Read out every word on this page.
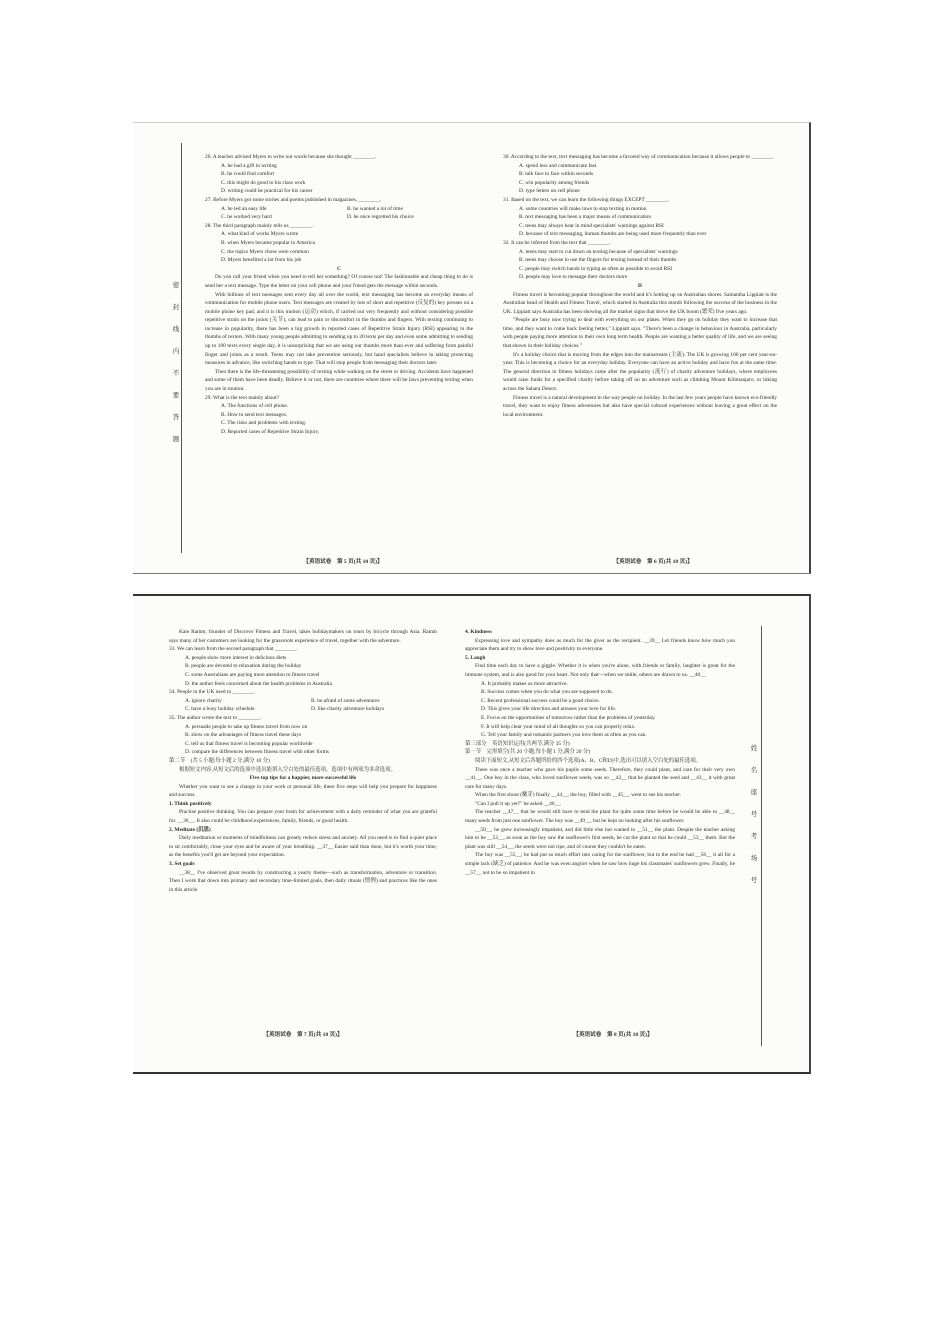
密
封
线
内
不
要
答
题

26. A teacher advised Myers to write out words because she thought ________.

A. he had a gift in writing

B. he could find comfort

C. this might do good to his class work

D. writing could be practical for his career

27. Before Myers got some stories and poems published in magazines, ________.

A. he led an easy life	B. he wanted a lot of time
C. he worked very hard	D. he once regretted his choice

28. The third paragraph mainly tells us ________.

A. what kind of works Myers wrote

B. when Myers became popular in America

C. the topics Myers chose were common

D. Myers benefited a lot from his job

C

Do you call your friend when you need to tell her something? Of course not! The fashionable and cheap thing to do is send her a text message. Type the letter on your cell phone and your friend gets the message within seconds.

With billions of text messages sent every day all over the world, text messaging has become an everyday means of communication for mobile phone users. Text messages are created by lots of short and repetitive (反复的) key presses on a mobile phone key pad, and it is this motion (运动) which, if carried out very frequently and without considering possible repetitive strain on the joints (关节), can lead to pain or discomfort in the thumbs and fingers. With texting continuing to increase in popularity, there has been a big growth in reported cases of Repetitive Strain Injury (RSI) appearing in the thumbs of texters. With many young people admitting to sending up to 20 texts per day and even some admitting to sending up to 100 texts every single day, it is unsurprising that we are using our thumbs more than ever and suffering from painful finger and joints as a result. Teens may not take prevention seriously, but hand specialists believe in taking protecting measures in advance, like switching hands to type. That will stop people from messaging their doctors later.

Then there is the life-threatening possibility of texting while walking on the street or driving. Accidents have happened and some of them have been deadly. Believe it or not, there are countries where there will be laws preventing texting when you are in motion.

29. What is the text mainly about?

A. The functions of cell phone.

B. How to send text messages.

C. The risks and problems with texting.

D. Reported cases of Repetitive Strain Injury.

30. According to the text, text messaging has become a favored way of communication because it allows people to ________.

A. spend less and communicate fast

B. talk face to face within seconds

C. win popularity among friends

D. type letters on cell phone

31. Based on the text, we can learn the following things EXCEPT ________.

A. some countries will make laws to stop texting in motion

B. text messaging has been a major means of communication

C. teens may always hear in mind specialists' warnings against RSI

D. because of text messaging, human thumbs are being used more frequently than ever

32. It can be inferred from the text that ________.

A. teens may start to cut down on texting because of specialists' warnings

B. teens may choose to use the fingers for texting instead of their thumbs

C. people may switch hands in typing as often as possible to avoid RSI

D. people may love to message their doctors more

D

Fitness travel is becoming popular throughout the world and it's hotting up on Australian shores. Samantha Lippiatt is the Australian head of Health and Fitness Travel, which started in Australia this month following the success of the business in the UK. Lippiatt says Australia has been showing all the market signs that drove the UK boom (繁荣) five years ago.

"People are busy now trying to deal with everything on our plates. When they go on holiday they want to increase that time, and they want to come back feeling better," Lippiatt says. "There's been a change in behaviour in Australia, particularly with people paying more attention to their own long term health. People are wanting a better quality of life, and we are seeing that shown in their holiday choices."

It's a holiday choice that is moving from the edges into the mainstream (主流). The UK is growing 100 per cent year-on-year. This is becoming a choice for an everyday holiday. Everyone can have an active holiday and have fun at the same time. The general direction in fitness holidays came after the popularity (流行) of charity adventure holidays, where employees would raise funds for a specified charity before taking off on an adventure such as climbing Mount Kilimanjaro, or biking across the Sahara Desert.

Fitness travel is a natural development in the way people on holiday. In the last few years people have known eco-friendly travel, they want to enjoy fitness adventures but also have special cultural experiences without leaving a great effect on the local environment.

【英语试卷　第 5 页(共 10 页)】	【英语试卷　第 6 页(共 10 页)】
姓
名
座
号
考
场
号

Kate Ramm, founder of Discover Fitness and Travel, takes holidaymakers on tours by bicycle through Asia. Ramm says many of her customers are looking for the grassroots experience of travel, together with the adventure.

33. We can learn from the second paragraph that ________.

A. people show more interest in delicious diets

B. people are devoted to relaxation during the holiday

C. some Australians are paying more attention to fitness travel

D. the author feels concerned about the health problems in Australia

34. People in the UK used to ________.

A. ignore charity	B. be afraid of some adventures
C. have a busy holiday schedule	D. like charity adventure holidays

35. The author wrote the text to ________.

A. persuade people to take up fitness travel from now on

B. show on the advantages of fitness travel these days

C. tell us that fitness travel is becoming popular worldwide

D. compare the differences between fitness travel with other forms

第二节　(共 5 小题;每小题 2 分,满分 10 分)

根据短文内容,从短文后的选项中选出能填入空白处的最佳选项。选项中有两项为多余选项。

Five top tips for a happier, more successful life

Whether you want to see a change in your work or personal life, these five steps will help you prepare for happiness and success.

1. Think positively

Practise positive thinking. You can prepare your brain for achievement with a daily reminder of what you are grateful for. __36__. It also could be childhood experiences, family, friends, or good health.

2. Meditate (沉思)

Daily meditation or moments of mindfulness can greatly reduce stress and anxiety. All you need is to find a quiet place to sit comfortably, close your eyes and be aware of your breathing. __37__ Easier said than done, but it's worth your time, as the benefits you'll get are beyond your expectation.

3. Set goals

__38__ I've observed great results by constructing a yearly theme—such as transformation, adventure or transition. Then I work that down into primary and secondary time-limited goals, then daily rituals (惯例) and practices like the ones in this article.

4. Kindness

Expressing love and sympathy does as much for the giver as the recipient. __39__ Let friends know how much you appreciate them and try to show love and positivity to everyone.

5. Laugh

Find time each day to have a giggle. Whether it is when you're alone, with friends or family, laughter is great for the immune system, and is also good for your heart. Not only that—when we smile, others are drawn to us. __40__

A. It probably makes us more attractive.

B. Success comes when you do what you are supposed to do.

C. Recent professional success could be a good choice.

D. This gives your life direction and arouses your love for life.

E. Focus on the opportunities of tomorrow rather than the problems of yesterday.

F. It will help clear your mind of all thoughts so you can properly relax.

G. Tell your family and romantic partners you love them as often as you can.

第三部分　英语知识运用(共两节,满分 35 分)

第一节　完形填空(共 20 小题;每小题 1 分,满分 20 分)

阅读下面短文,从短文后各题所给的四个选项(A、B、C和D)中,选出可以填入空白处的最佳选项。

There was once a teacher who gave his pupils some seeds. Therefore, they could plant, and care for their very own __41__. One boy in the class, who loved sunflower seeds, was so __42__ that he planted the seed and __43__ it with great care for many days.

When the first shoot (嫩芽) finally __44__, the boy, filled with __45__, went to see his teacher.

"Can I pull it up yet?" he asked __46__.

The teacher __47__ that he would still have to tend the plant for quite some time before he would be able to __48__ many seeds from just one sunflower. The boy was __49__, but he kept on looking after his sunflower.

__50__, he grew increasingly impatient, and did little else but wanted to __51__ the plant. Despite the teacher asking him to be __52__, as soon as the boy saw the sunflower's first seeds, he cut the plant so that he could __53__ them. But the plant was still __54__, the seeds were not ripe, and of course they couldn't be eaten.

The boy was __55__; he had put so much effort into caring for the sunflower, but in the end he had __56__ it all for a simple lack (缺乏) of patience. And he was even angrier when he saw how huge his classmates' sunflowers grew. Finally, he __57__ not to be so impatient in

【英语试卷　第 7 页(共 10 页)】	【英语试卷　第 8 页(共 10 页)】
